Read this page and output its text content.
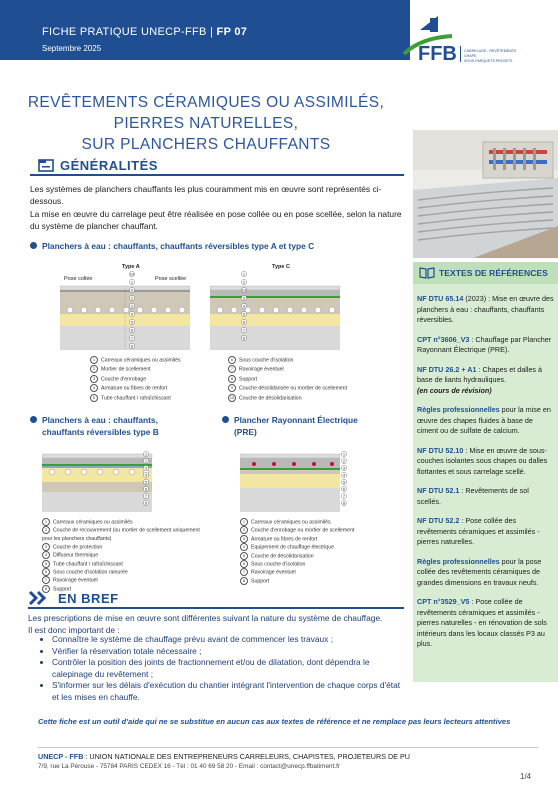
FICHE PRATIQUE UNECP-FFB | FP 07
Septembre 2025	FFB CARRELAGE - REVÊTEMENTS
CHAPE
SOUS-PARQUETS PROJETS
REVÊTEMENTS CÉRAMIQUES OU ASSIMILÉS,
PIERRES NATURELLES,
SUR PLANCHERS CHAUFFANTS
GÉNÉRALITÉS
Les systèmes de planchers chauffants les plus couramment mis en œuvre sont représentés ci-dessous.
La mise en œuvre du carrelage peut être réalisée en pose collée ou en pose scellée, selon la nature du système de plancher chauffant.
Planchers à eau : chauffants, chauffants réversibles type A et type C
Type A
Pose collée	Pose scellée
Type C
10
1
9
2
3
4
5
6
7
8
1
2
10
3
4
5
6
7
8
1 Carreaux céramiques ou assimilés
2 Mortier de scellement
3 Couche d'enrobage
4 Armature ou fibres de renfort
5 Tube chauffant / rafraîchissant
6 Sous couche d'isolation
7 Ravoirage éventuel
8 Support
9 Couche désolidarisée ou mortier de scellement
10 Couche de désolidarisation
Planchers à eau : chauffants,
chauffants réversibles type B
Plancher Rayonnant Électrique
(PRE)
1
2
3
4
5
6
7
8
1 Carreaux céramiques ou assimilés
2 Couche de recouvrement (ou mortier de scellement uniquement pour les planchers chauffants)
3 Couche de protection
4 Diffuseur thermique
5 Tube chauffant / rafraîchissant
6 Sous couche d'isolation rainurée
7 Ravoirage éventuel
8 Support
1
2
3
4
5
6
7
8
1 Carreaux céramiques ou assimilés
2 Couche d'enrobage ou mortier de scellement
3 Armature ou fibres de renfort
4 Equipement de chauffage électrique
5 Couche de désolidarisation
6 Sous couche d'isolation
7 Ravoirage éventuel
8 Support
EN BREF
Les prescriptions de mise en œuvre sont différentes suivant la nature du système de chauffage.
Il est donc important de :
• Connaître le système de chauffage prévu avant de commencer les travaux ;
• Vérifier la réservation totale nécessaire ;
• Contrôler la position des joints de fractionnement et/ou de dilatation, dont dépendra le calepinage du revêtement ;
• S'informer sur les délais d'exécution du chantier intégrant l'intervention de chaque corps d'état et les mises en chauffe.
TEXTES DE RÉFÉRENCES

NF DTU 65.14 (2023) : Mise en œuvre des planchers à eau : chauffants, chauffants réversibles.

CPT n°3606_V3 : Chauffage par Plancher Rayonnant Électrique (PRE).

NF DTU 26.2 + A1 : Chapes et dalles à base de liants hydrauliques.
(en cours de révision)

Règles professionnelles pour la mise en œuvre des chapes fluides à base de ciment ou de sulfate de calcium.

NF DTU 52.10 : Mise en œuvre de sous-couches isolantes sous chapes ou dalles flottantes et sous carrelage scellé.

NF DTU 52.1 : Revêtements de sol scellés.

NF DTU 52.2 : Pose collée des revêtements céramiques et assimilés - pierres naturelles.

Règles professionnelles pour la pose collée des revêtements céramiques de grandes dimensions en travaux neufs.

CPT n°3529_V5 : Pose collée de revêtements céramiques et assimilés - pierres naturelles - en rénovation de sols intérieurs dans les locaux classés P3 au plus.

Cette fiche est un outil d'aide qui ne se substitue en aucun cas aux textes de référence et ne remplace pas leurs lecteurs attentives
UNECP - FFB : UNION NATIONALE DES ENTREPRENEURS CARRELEURS, CHAPISTES, PROJETEURS DE PU
7/9, rue La Pérouse - 75784 PARIS CEDEX 16 - Tél : 01 40 69 58 20 - Email : contact@unecp.ffbatiment.fr
1/4
